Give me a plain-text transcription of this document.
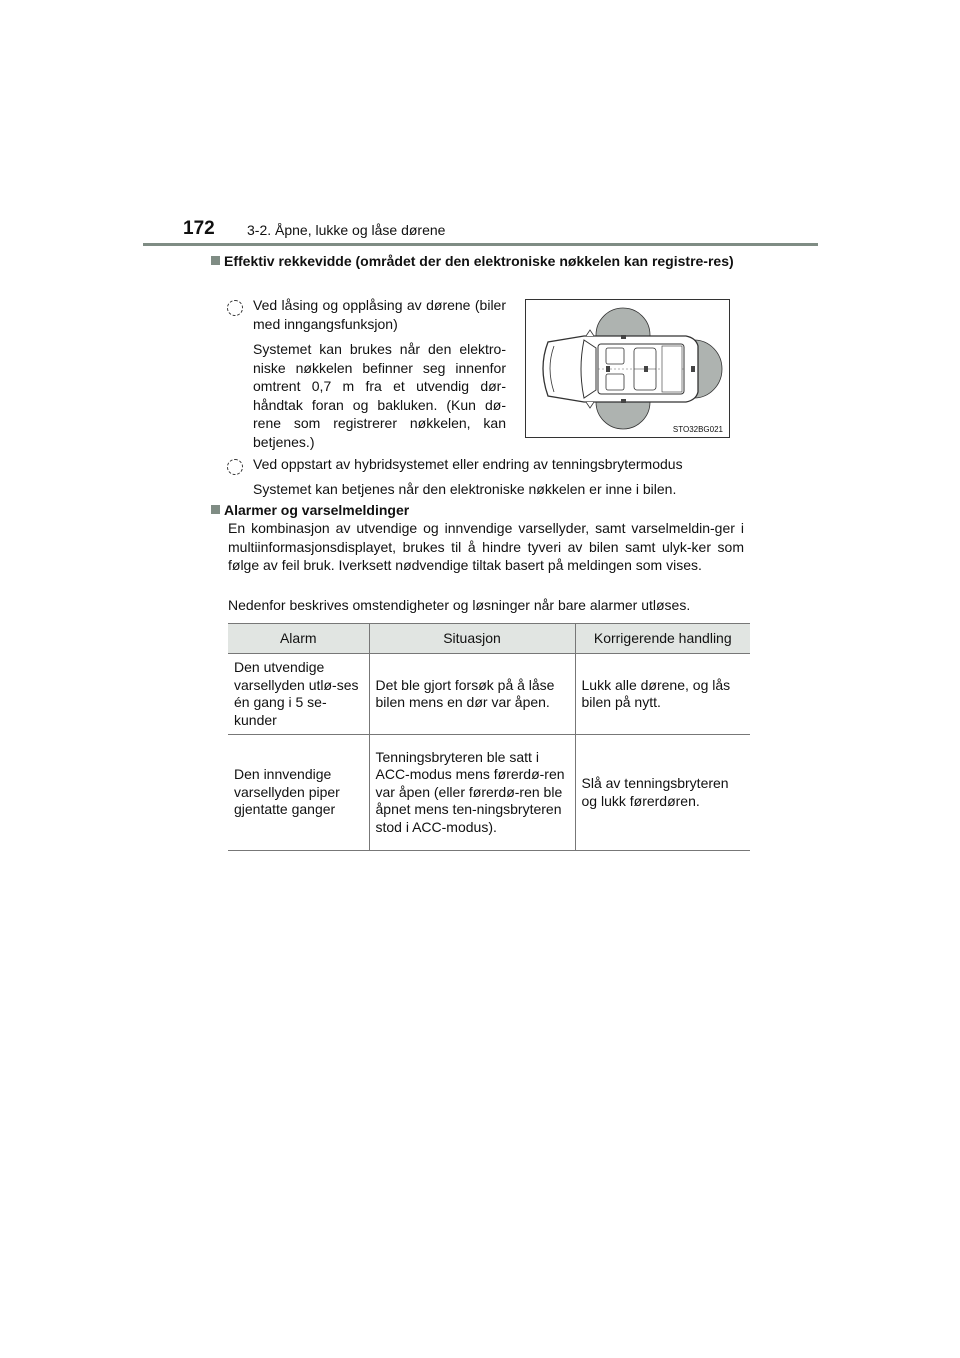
172 3-2. Åpne, lukke og låse dørene
Effektiv rekkevidde (området der den elektroniske nøkkelen kan registre-res)
Ved låsing og opplåsing av dørene (biler med inngangsfunksjon)
Systemet kan brukes når den elektro-niske nøkkelen befinner seg innenfor omtrent 0,7 m fra et utvendig dør-håndtak foran og bakluken. (Kun dø-rene som registrerer nøkkelen, kan betjenes.)
STO32BG021
Ved oppstart av hybridsystemet eller endring av tenningsbrytermodus
Systemet kan betjenes når den elektroniske nøkkelen er inne i bilen.
Alarmer og varselmeldinger
En kombinasjon av utvendige og innvendige varsellyder, samt varselmeldin-ger i multiinformasjonsdisplayet, brukes til å hindre tyveri av bilen samt ulyk-ker som følge av feil bruk. Iverksett nødvendige tiltak basert på meldingen som vises.
Nedenfor beskrives omstendigheter og løsninger når bare alarmer utløses.
Alarm	Situasjon	Korrigerende handling
Den utvendige varsellyden utlø-ses én gang i 5 se-kunder	Det ble gjort forsøk på å låse bilen mens en dør var åpen.	Lukk alle dørene, og lås bilen på nytt.
Den innvendige varsellyden piper gjentatte ganger	Tenningsbryteren ble satt i ACC-modus mens førerdø-ren var åpen (eller førerdø-ren ble åpnet mens ten-ningsbryteren stod i ACC-modus).	Slå av tenningsbryteren og lukk førerdøren.
